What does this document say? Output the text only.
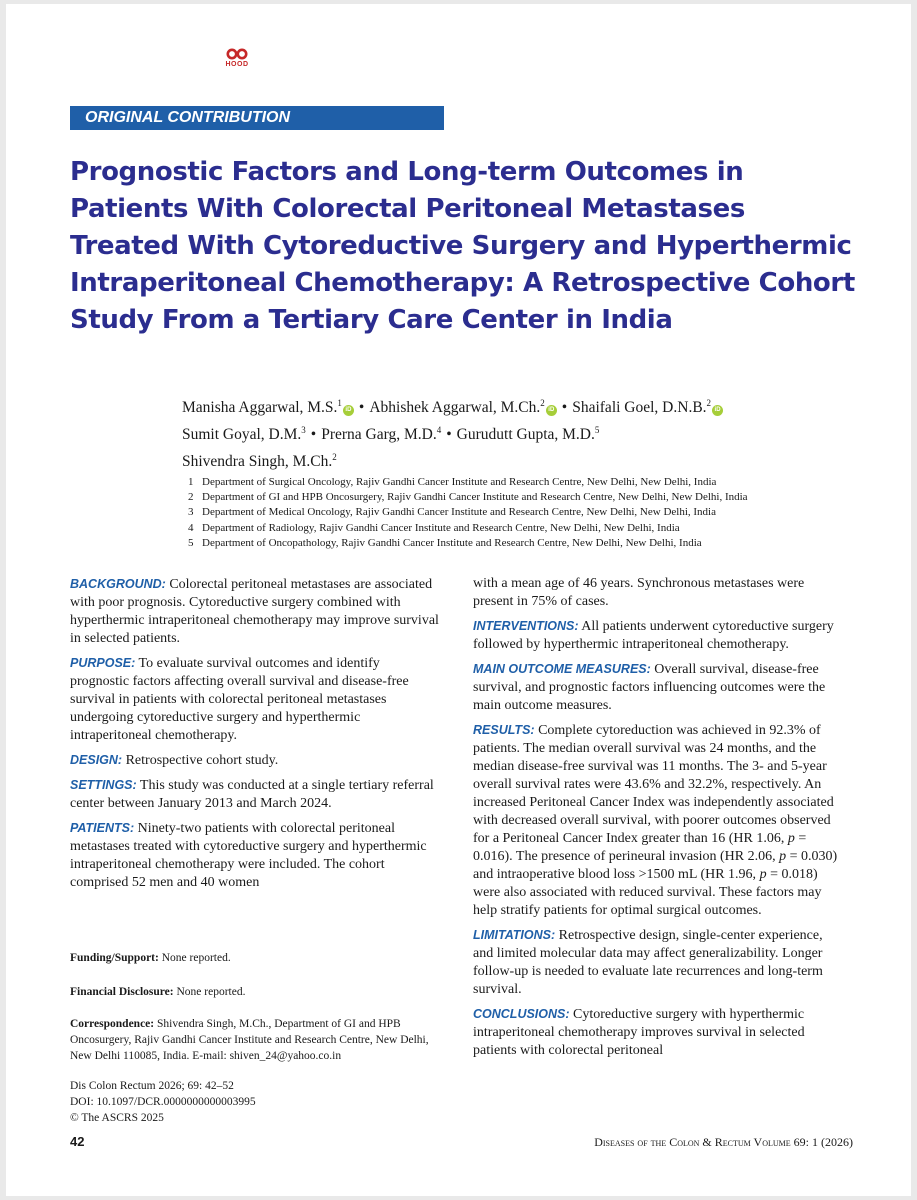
HOOD
ORIGINAL CONTRIBUTION
Prognostic Factors and Long-term Outcomes in Patients With Colorectal Peritoneal Metastases Treated With Cytoreductive Surgery and Hyperthermic Intraperitoneal Chemotherapy: A Retrospective Cohort Study From a Tertiary Care Center in India
Manisha Aggarwal, M.S.$^1$iD • Abhishek Aggarwal, M.Ch.$^2$iD • Shaifali Goel, D.N.B.$^2$iD
Sumit Goyal, D.M.$^3$ • Prerna Garg, M.D.$^4$ • Gurudutt Gupta, M.D.$^5$
Shivendra Singh, M.Ch.$^2$
1 Department of Surgical Oncology, Rajiv Gandhi Cancer Institute and Research Centre, New Delhi, New Delhi, India
2 Department of GI and HPB Oncosurgery, Rajiv Gandhi Cancer Institute and Research Centre, New Delhi, New Delhi, India
3 Department of Medical Oncology, Rajiv Gandhi Cancer Institute and Research Centre, New Delhi, New Delhi, India
4 Department of Radiology, Rajiv Gandhi Cancer Institute and Research Centre, New Delhi, New Delhi, India
5 Department of Oncopathology, Rajiv Gandhi Cancer Institute and Research Centre, New Delhi, New Delhi, India

BACKGROUND: Colorectal peritoneal metastases are associated with poor prognosis. Cytoreductive surgery combined with hyperthermic intraperitoneal chemotherapy may improve survival in selected patients.

PURPOSE: To evaluate survival outcomes and identify prognostic factors affecting overall survival and disease-free survival in patients with colorectal peritoneal metastases undergoing cytoreductive surgery and hyperthermic intraperitoneal chemotherapy.

DESIGN: Retrospective cohort study.

SETTINGS: This study was conducted at a single tertiary referral center between January 2013 and March 2024.

PATIENTS: Ninety-two patients with colorectal peritoneal metastases treated with cytoreductive surgery and hyperthermic intraperitoneal chemotherapy were included. The cohort comprised 52 men and 40 women

with a mean age of 46 years. Synchronous metastases were present in 75% of cases.

INTERVENTIONS: All patients underwent cytoreductive surgery followed by hyperthermic intraperitoneal chemotherapy.

MAIN OUTCOME MEASURES: Overall survival, disease-free survival, and prognostic factors influencing outcomes were the main outcome measures.

RESULTS: Complete cytoreduction was achieved in 92.3% of patients. The median overall survival was 24 months, and the median disease-free survival was 11 months. The 3- and 5-year overall survival rates were 43.6% and 32.2%, respectively. An increased Peritoneal Cancer Index was independently associated with decreased overall survival, with poorer outcomes observed for a Peritoneal Cancer Index greater than 16 (HR 1.06, p = 0.016). The presence of perineural invasion (HR 2.06, p = 0.030) and intraoperative blood loss >1500 mL (HR 1.96, p = 0.018) were also associated with reduced survival. These factors may help stratify patients for optimal surgical outcomes.

LIMITATIONS: Retrospective design, single-center experience, and limited molecular data may affect generalizability. Longer follow-up is needed to evaluate late recurrences and long-term survival.

CONCLUSIONS: Cytoreductive surgery with hyperthermic intraperitoneal chemotherapy improves survival in selected patients with colorectal peritoneal

Funding/Support: None reported.
Financial Disclosure: None reported.
Correspondence: Shivendra Singh, M.Ch., Department of GI and HPB Oncosurgery, Rajiv Gandhi Cancer Institute and Research Centre, New Delhi, New Delhi 110085, India. E-mail: shiven_24@yahoo.co.in
Dis Colon Rectum 2026; 69: 42–52
DOI: 10.1097/DCR.0000000000003995
© The ASCRS 2025
42	Diseases of the Colon & Rectum Volume 69: 1 (2026)
